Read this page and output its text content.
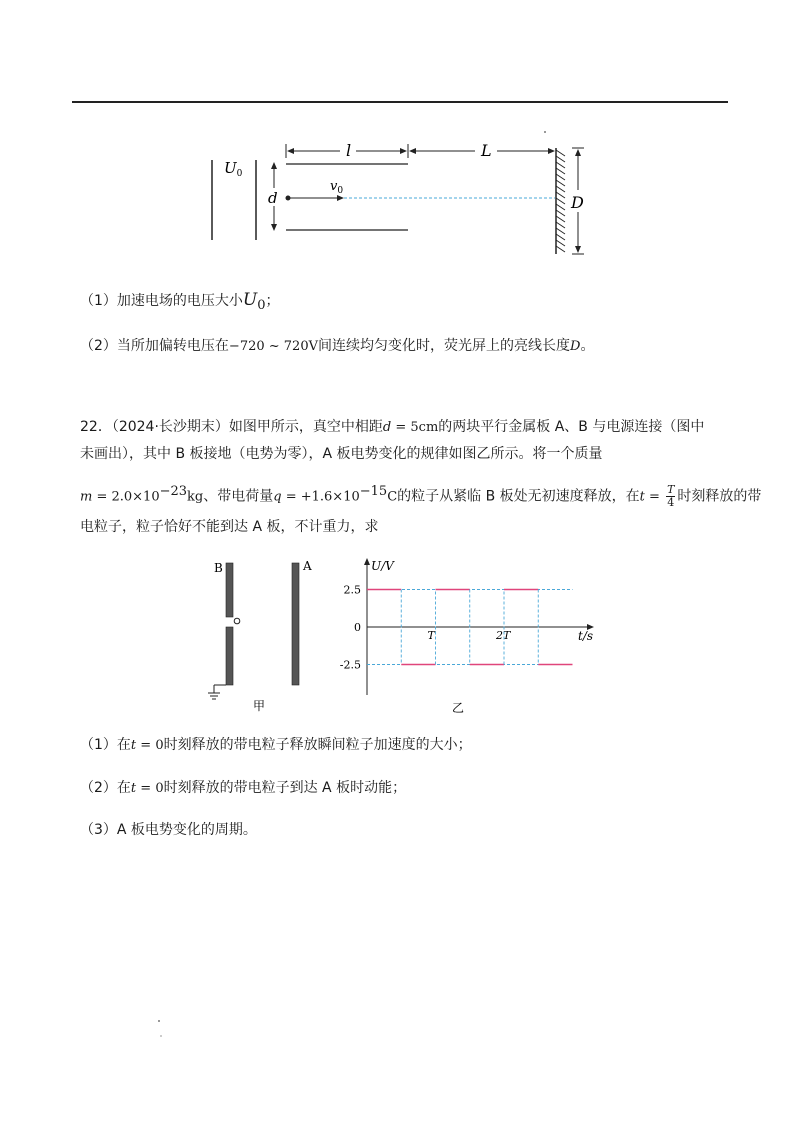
$U_0$
d
$v_0$
l	L
D
（1）加速电场的电压大小$U_0$；
（2）当所加偏转电压在−720 ~ 720V间连续均匀变化时，荧光屏上的亮线长度D。
22．（2024·长沙期末）如图甲所示，真空中相距d = 5cm的两块平行金属板 A、B 与电源连接（图中
未画出），其中 B 板接地（电势为零），A 板电势变化的规律如图乙所示。将一个质量
$m = 2.0\times 10^{-23}kg$、带电荷量$q = +1.6\times 10^{-15}C$的粒子从紧临 B 板处无初速度释放，在$t = \frac{T}{4}$ 时刻释放的带
电粒子，粒子恰好不能到达 A 板，不计重力，求
B	A
甲	乙
U/V
t/s
2.5
0
-2.5
T	2T
（1）在t = 0时刻释放的带电粒子释放瞬间粒子加速度的大小；
（2）在t = 0时刻释放的带电粒子到达 A 板时动能；
（3）A 板电势变化的周期。
